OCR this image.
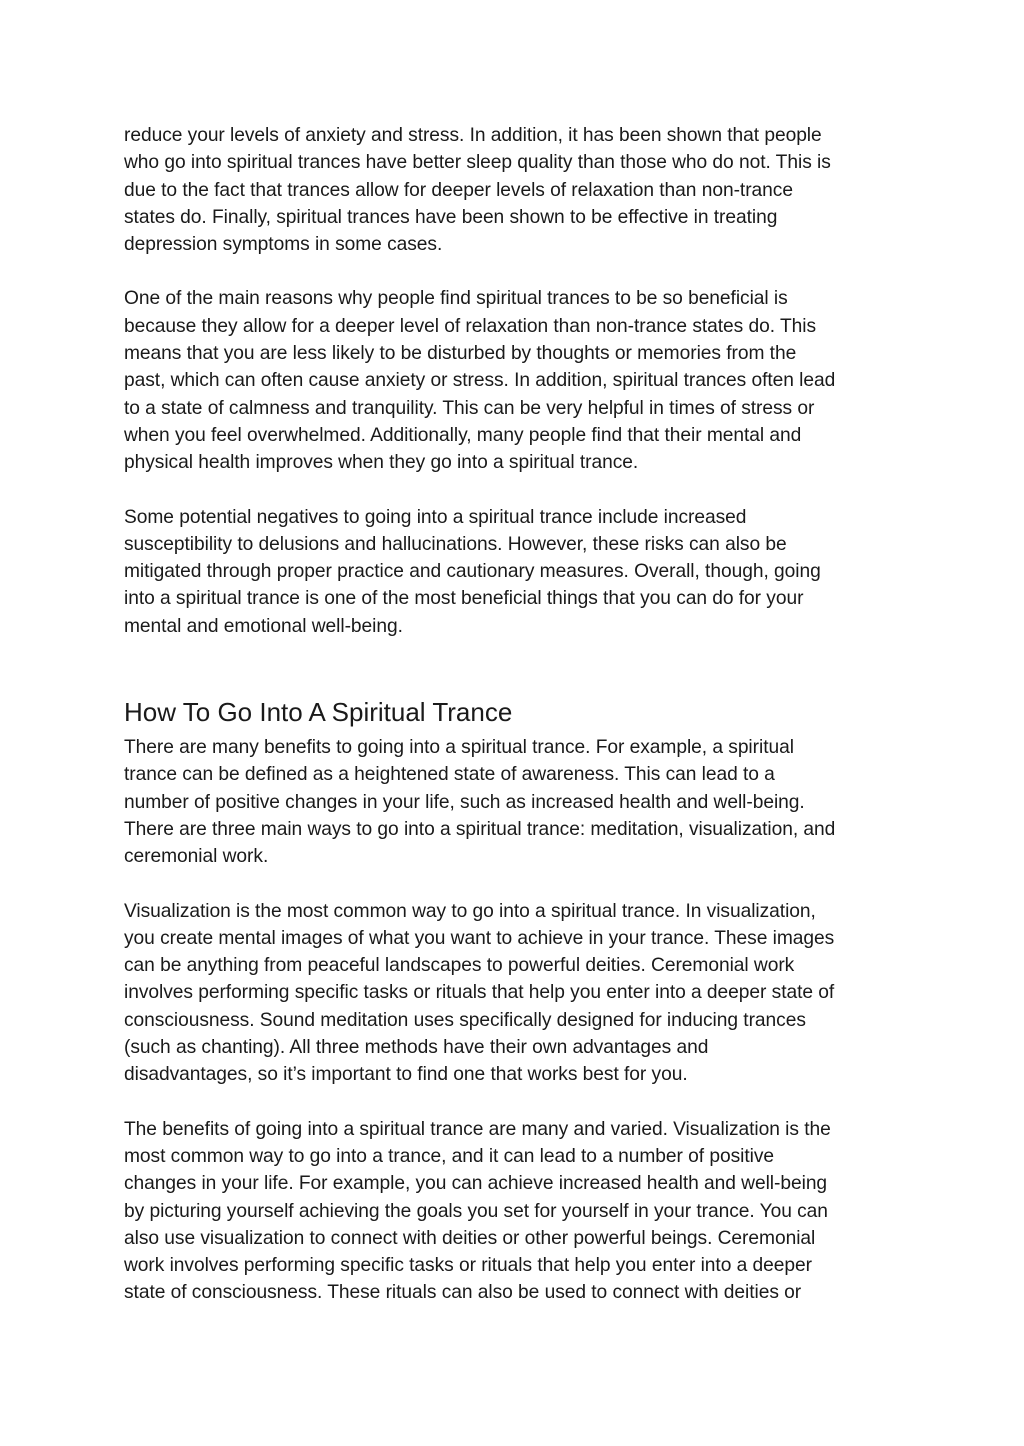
reduce your levels of anxiety and stress. In addition, it has been shown that people
who go into spiritual trances have better sleep quality than those who do not. This is
due to the fact that trances allow for deeper levels of relaxation than non-trance
states do. Finally, spiritual trances have been shown to be effective in treating
depression symptoms in some cases.

One of the main reasons why people find spiritual trances to be so beneficial is
because they allow for a deeper level of relaxation than non-trance states do. This
means that you are less likely to be disturbed by thoughts or memories from the
past, which can often cause anxiety or stress. In addition, spiritual trances often lead
to a state of calmness and tranquility. This can be very helpful in times of stress or
when you feel overwhelmed. Additionally, many people find that their mental and
physical health improves when they go into a spiritual trance.

Some potential negatives to going into a spiritual trance include increased
susceptibility to delusions and hallucinations. However, these risks can also be
mitigated through proper practice and cautionary measures. Overall, though, going
into a spiritual trance is one of the most beneficial things that you can do for your
mental and emotional well-being.

How To Go Into A Spiritual Trance

There are many benefits to going into a spiritual trance. For example, a spiritual
trance can be defined as a heightened state of awareness. This can lead to a
number of positive changes in your life, such as increased health and well-being.
There are three main ways to go into a spiritual trance: meditation, visualization, and
ceremonial work.

Visualization is the most common way to go into a spiritual trance. In visualization,
you create mental images of what you want to achieve in your trance. These images
can be anything from peaceful landscapes to powerful deities. Ceremonial work
involves performing specific tasks or rituals that help you enter into a deeper state of
consciousness. Sound meditation uses specifically designed for inducing trances
(such as chanting). All three methods have their own advantages and
disadvantages, so it’s important to find one that works best for you.

The benefits of going into a spiritual trance are many and varied. Visualization is the
most common way to go into a trance, and it can lead to a number of positive
changes in your life. For example, you can achieve increased health and well-being
by picturing yourself achieving the goals you set for yourself in your trance. You can
also use visualization to connect with deities or other powerful beings. Ceremonial
work involves performing specific tasks or rituals that help you enter into a deeper
state of consciousness. These rituals can also be used to connect with deities or
